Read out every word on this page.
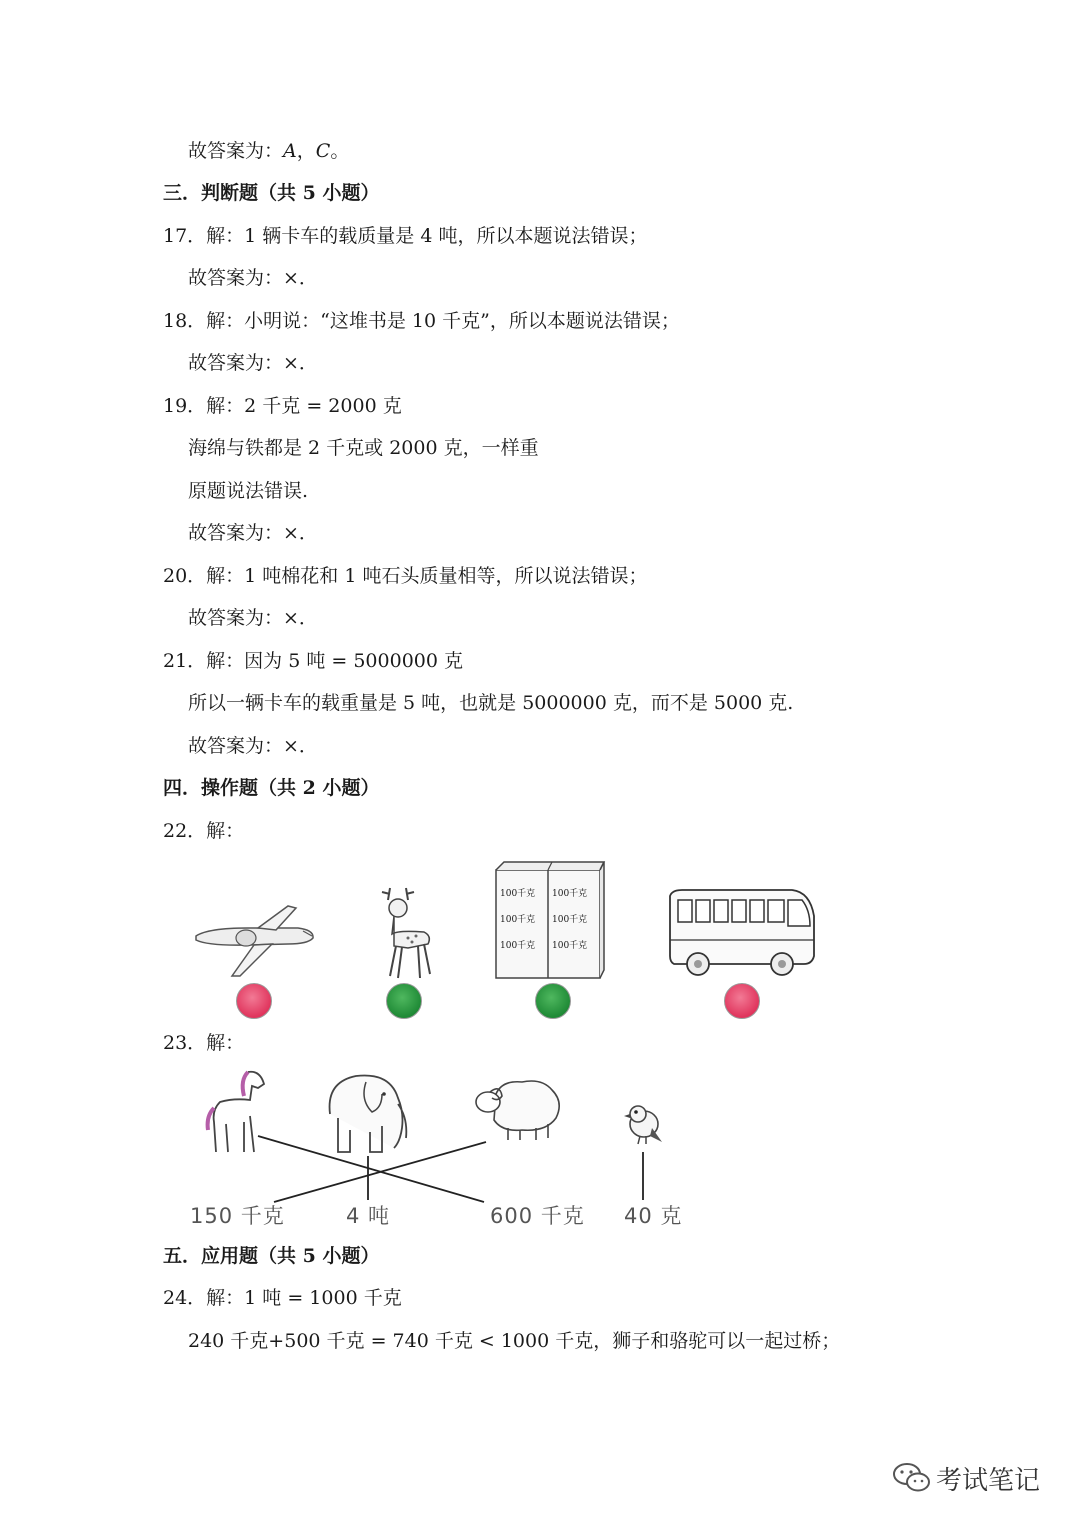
故答案为：A，C。
三．判断题（共 5 小题）
17．解：1 辆卡车的载质量是 4 吨，所以本题说法错误；
故答案为：×．
18．解：小明说：“这堆书是 10 千克”，所以本题说法错误；
故答案为：×．
19．解：2 千克 = 2000 克
海绵与铁都是 2 千克或 2000 克，一样重
原题说法错误.
故答案为：×．
20．解：1 吨棉花和 1 吨石头质量相等，所以说法错误；
故答案为：×．
21．解：因为 5 吨 = 5000000 克
所以一辆卡车的载重量是 5 吨，也就是 5000000 克，而不是 5000 克.
故答案为：×．
四．操作题（共 2 小题）
22．解：
100千克 100千克
100千克 100千克
100千克 100千克
23．解：
150 千克	4 吨	600 千克 40 克
五．应用题（共 5 小题）
24．解：1 吨 = 1000 千克
240 千克+500 千克 = 740 千克 < 1000 千克，狮子和骆驼可以一起过桥；
考试笔记
